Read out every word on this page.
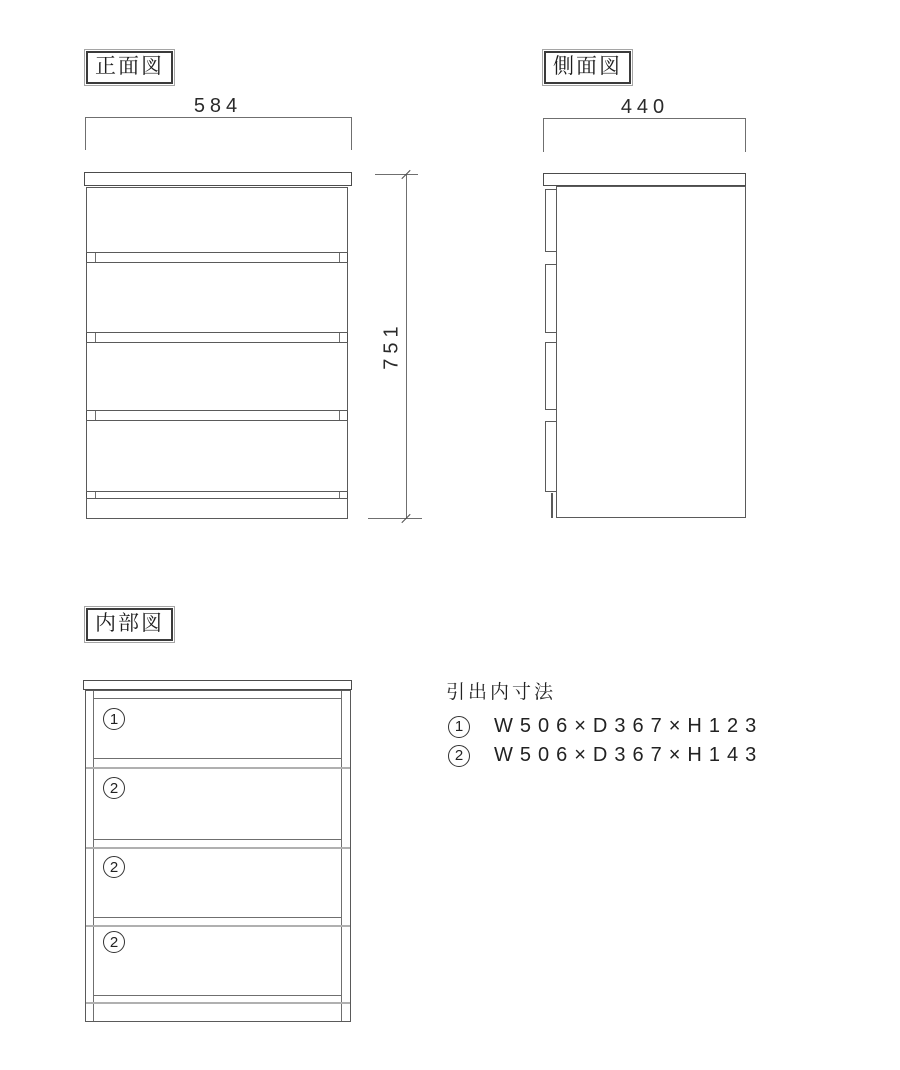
正面図
584
751
側面図
440
内部図
1
2
2
2
引出内寸法
1 W506×D367×H123
2 W506×D367×H143
